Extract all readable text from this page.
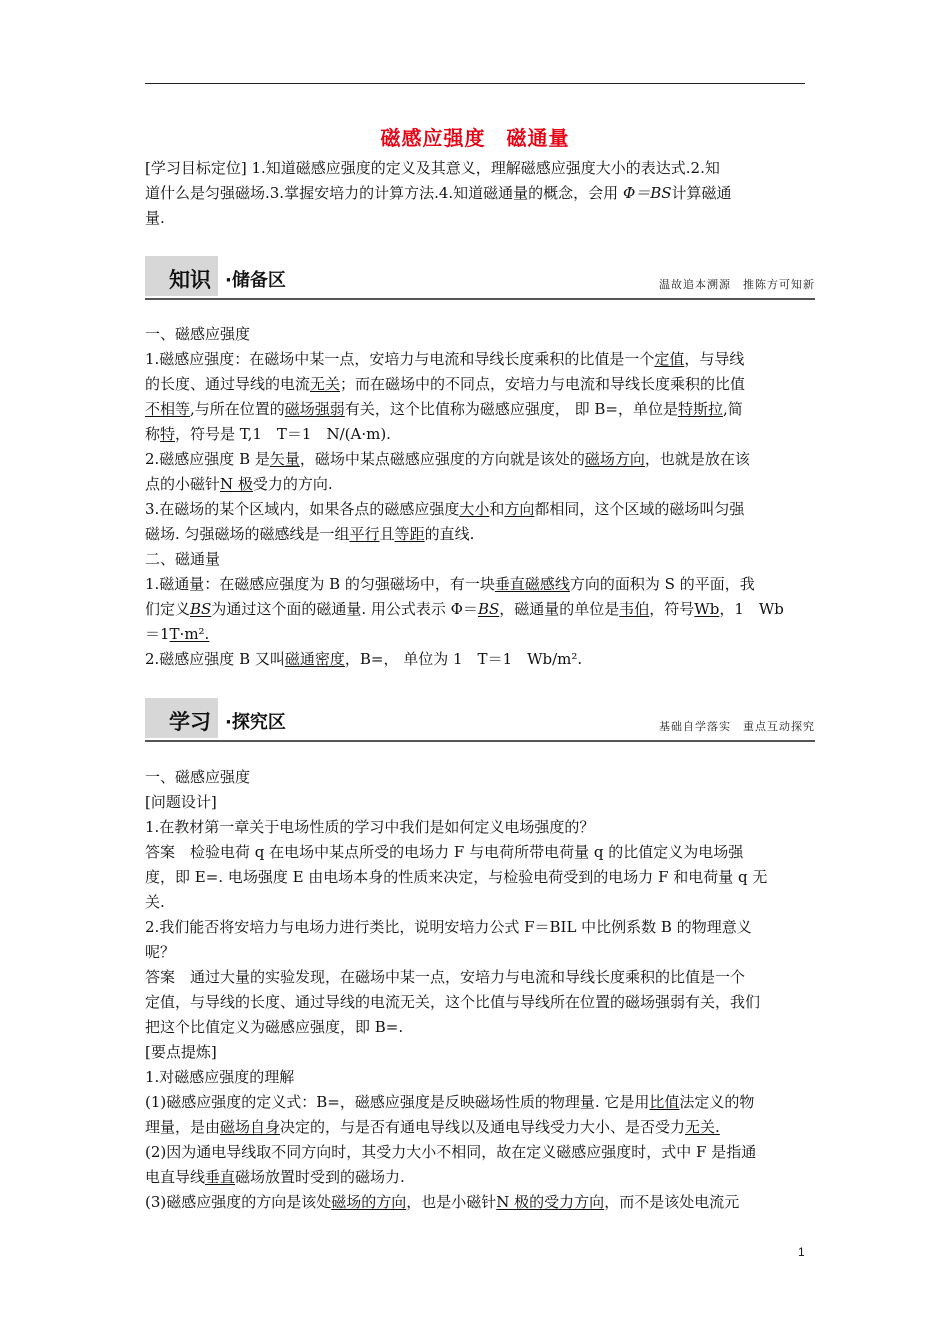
磁感应强度　磁通量
[学习目标定位] 1.知道磁感应强度的定义及其意义，理解磁感应强度大小的表达式.2.知
道什么是匀强磁场.3.掌握安培力的计算方法.4.知道磁通量的概念，会用 Φ＝BS计算磁通
量.
知识 ·储备区	温故追本溯源　推陈方可知新
一、磁感应强度
1.磁感应强度：在磁场中某一点，安培力与电流和导线长度乘积的比值是一个定值，与导线
的长度、通过导线的电流无关；而在磁场中的不同点，安培力与电流和导线长度乘积的比值
不相等,与所在位置的磁场强弱有关，这个比值称为磁感应强度， 即 B=，单位是特斯拉,简
称特，符号是 T,1　T＝1　N/(A·m).
2.磁感应强度 B 是矢量，磁场中某点磁感应强度的方向就是该处的磁场方向，也就是放在该
点的小磁针N 极受力的方向.
3.在磁场的某个区域内，如果各点的磁感应强度大小和方向都相同，这个区域的磁场叫匀强
磁场. 匀强磁场的磁感线是一组平行且等距的直线.
二、磁通量
1.磁通量：在磁感应强度为 B 的匀强磁场中，有一块垂直磁感线方向的面积为 S 的平面，我
们定义BS为通过这个面的磁通量. 用公式表示 Φ＝BS，磁通量的单位是韦伯，符号Wb，1　Wb
＝1T·m².
2.磁感应强度 B 又叫磁通密度，B=， 单位为 1　T＝1　Wb/m².
学习 ·探究区	基础自学落实　重点互动探究
一、磁感应强度
[问题设计]
1.在教材第一章关于电场性质的学习中我们是如何定义电场强度的？
答案　检验电荷 q 在电场中某点所受的电场力 F 与电荷所带电荷量 q 的比值定义为电场强
度，即 E=. 电场强度 E 由电场本身的性质来决定，与检验电荷受到的电场力 F 和电荷量 q 无
关.
2.我们能否将安培力与电场力进行类比，说明安培力公式 F＝BIL 中比例系数 B 的物理意义
呢？
答案　通过大量的实验发现，在磁场中某一点，安培力与电流和导线长度乘积的比值是一个
定值，与导线的长度、通过导线的电流无关，这个比值与导线所在位置的磁场强弱有关，我们
把这个比值定义为磁感应强度，即 B=.
[要点提炼]
1.对磁感应强度的理解
(1)磁感应强度的定义式：B=，磁感应强度是反映磁场性质的物理量. 它是用比值法定义的物
理量，是由磁场自身决定的，与是否有通电导线以及通电导线受力大小、是否受力无关.
(2)因为通电导线取不同方向时，其受力大小不相同，故在定义磁感应强度时，式中 F 是指通
电直导线垂直磁场放置时受到的磁场力.
(3)磁感应强度的方向是该处磁场的方向，也是小磁针N 极的受力方向，而不是该处电流元
1
